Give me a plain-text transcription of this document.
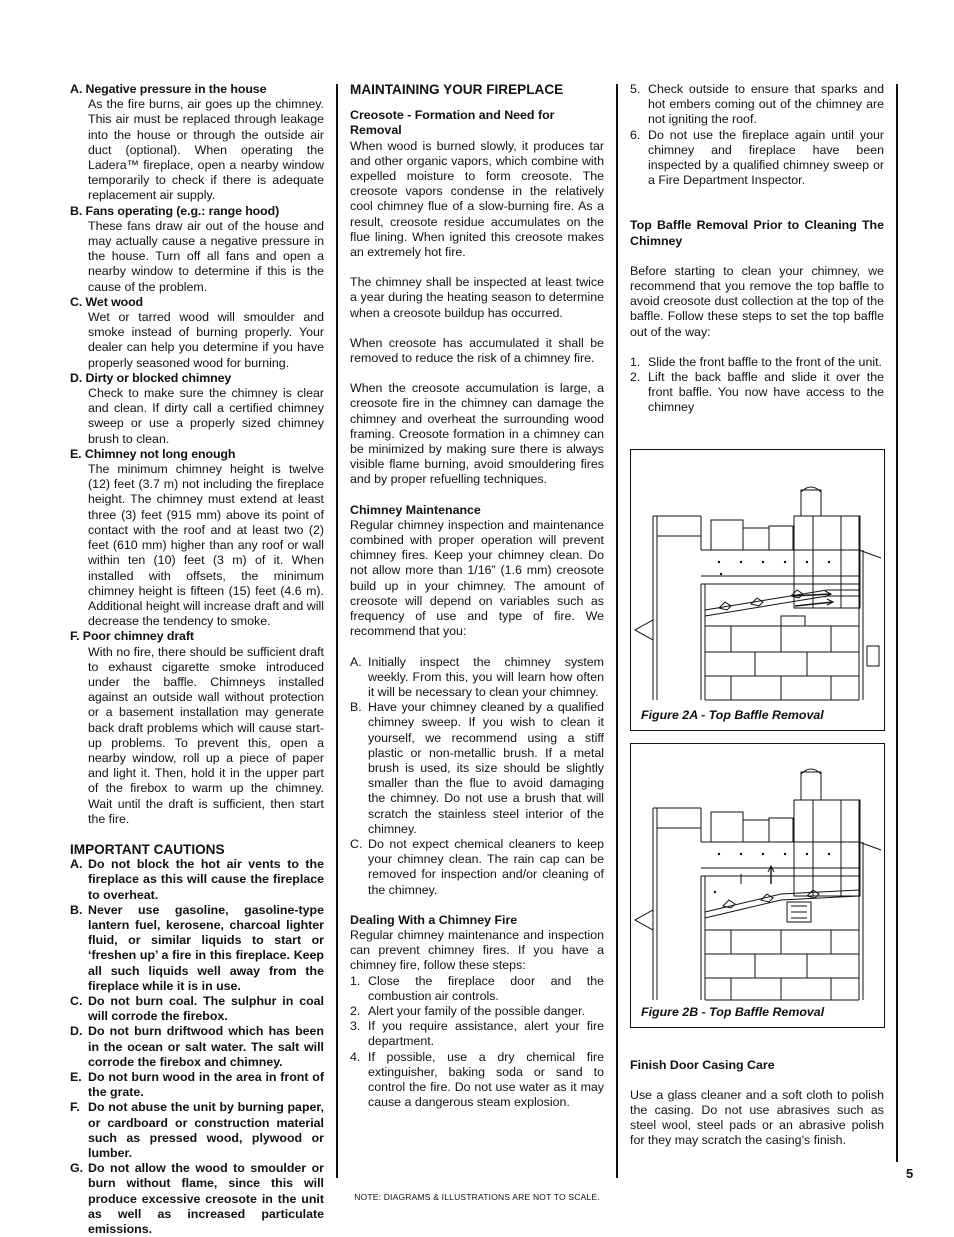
A. Negative pressure in the house
As the fire burns, air goes up the chimney. This air must be replaced through leakage into the house or through the outside air duct (optional). When operating the Ladera™ fireplace, open a nearby window temporarily to check if there is adequate replacement air supply.
B. Fans operating (e.g.: range hood)
These fans draw air out of the house and may actually cause a negative pressure in the house. Turn off all fans and open a nearby window to determine if this is the cause of the problem.
C. Wet wood
Wet or tarred wood will smoulder and smoke instead of burning properly. Your dealer can help you determine if you have properly seasoned wood for burning.
D. Dirty or blocked chimney
Check to make sure the chimney is clear and clean. If dirty call a certified chimney sweep or use a properly sized chimney brush to clean.
E. Chimney not long enough
The minimum chimney height is twelve (12) feet (3.7 m) not including the fireplace height. The chimney must extend at least three (3) feet (915 mm) above its point of contact with the roof and at least two (2) feet (610 mm) higher than any roof or wall within ten (10) feet (3 m) of it. When installed with offsets, the minimum chimney height is fifteen (15) feet (4.6 m). Additional height will increase draft and will decrease the tendency to smoke.
F. Poor chimney draft
With no fire, there should be sufficient draft to exhaust cigarette smoke introduced under the baffle. Chimneys installed against an outside wall without protection or a basement installation may generate back draft problems which will cause start-up problems. To prevent this, open a nearby window, roll up a piece of paper and light it. Then, hold it in the upper part of the firebox to warm up the chimney. Wait until the draft is sufficient, then start the fire.
IMPORTANT CAUTIONS
A. Do not block the hot air vents to the fireplace as this will cause the fireplace to overheat.
B. Never use gasoline, gasoline-type lantern fuel, kerosene, charcoal lighter fluid, or similar liquids to start or ‘freshen up’ a fire in this fireplace. Keep all such liquids well away from the fireplace while it is in use.
C. Do not burn coal. The sulphur in coal will corrode the firebox.
D. Do not burn driftwood which has been in the ocean or salt water. The salt will corrode the firebox and chimney.
E. Do not burn wood in the area in front of the grate.
F. Do not abuse the unit by burning paper, or cardboard or construction material such as pressed wood, plywood or lumber.
G. Do not allow the wood to smoulder or burn without flame, since this will produce excessive creosote in the unit as well as increased particulate emissions.
MAINTAINING YOUR FIREPLACE
Creosote - Formation and Need for Removal

When wood is burned slowly, it produces tar and other organic vapors, which combine with expelled moisture to form creosote. The creosote vapors condense in the relatively cool chimney flue of a slow-burning fire. As a result, creosote residue accumulates on the flue lining. When ignited this creosote makes an extremely hot fire.

The chimney shall be inspected at least twice a year during the heating season to determine when a creosote buildup has occurred.

When creosote has accumulated it shall be removed to reduce the risk of a chimney fire.

When the creosote accumulation is large, a creosote fire in the chimney can damage the chimney and overheat the surrounding wood framing. Creosote formation in a chimney can be minimized by making sure there is always visible flame burning, avoid smouldering fires and by proper refuelling techniques.

Chimney Maintenance

Regular chimney inspection and maintenance combined with proper operation will prevent chimney fires. Keep your chimney clean. Do not allow more than 1/16” (1.6 mm) creosote build up in your chimney. The amount of creosote will depend on variables such as frequency of use and type of fire. We recommend that you:

A. Initially inspect the chimney system weekly. From this, you will learn how often it will be necessary to clean your chimney.
B. Have your chimney cleaned by a qualified chimney sweep. If you wish to clean it yourself, we recommend using a stiff plastic or non-metallic brush. If a metal brush is used, its size should be slightly smaller than the flue to avoid damaging the chimney. Do not use a brush that will scratch the stainless steel interior of the chimney.
C. Do not expect chemical cleaners to keep your chimney clean. The rain cap can be removed for inspection and/or cleaning of the chimney.
Dealing With a Chimney Fire

Regular chimney maintenance and inspection can prevent chimney fires. If you have a chimney fire, follow these steps:

1. Close the fireplace door and the combustion air controls.
2. Alert your family of the possible danger.
3. If you require assistance, alert your fire department.
4. If possible, use a dry chemical fire extinguisher, baking soda or sand to control the fire. Do not use water as it may cause a dangerous steam explosion.
5. Check outside to ensure that sparks and hot embers coming out of the chimney are not igniting the roof.
6. Do not use the fireplace again until your chimney and fireplace have been inspected by a qualified chimney sweep or a Fire Department Inspector.
Top Baffle Removal Prior to Cleaning The Chimney

Before starting to clean your chimney, we recommend that you remove the top baffle to avoid creosote dust collection at the top of the baffle. Follow these steps to set the top baffle out of the way:

1. Slide the front baffle to the front of the unit.
2. Lift the back baffle and slide it over the front baffle. You now have access to the chimney
Finish Door Casing Care

Use a glass cleaner and a soft cloth to polish the casing. Do not use abrasives such as steel wool, steel pads or an abrasive polish for they may scratch the casing’s finish.

Figure 2A - Top Baffle Removal
Figure 2B - Top Baffle Removal
5
NOTE: DIAGRAMS & ILLUSTRATIONS ARE NOT TO SCALE.
